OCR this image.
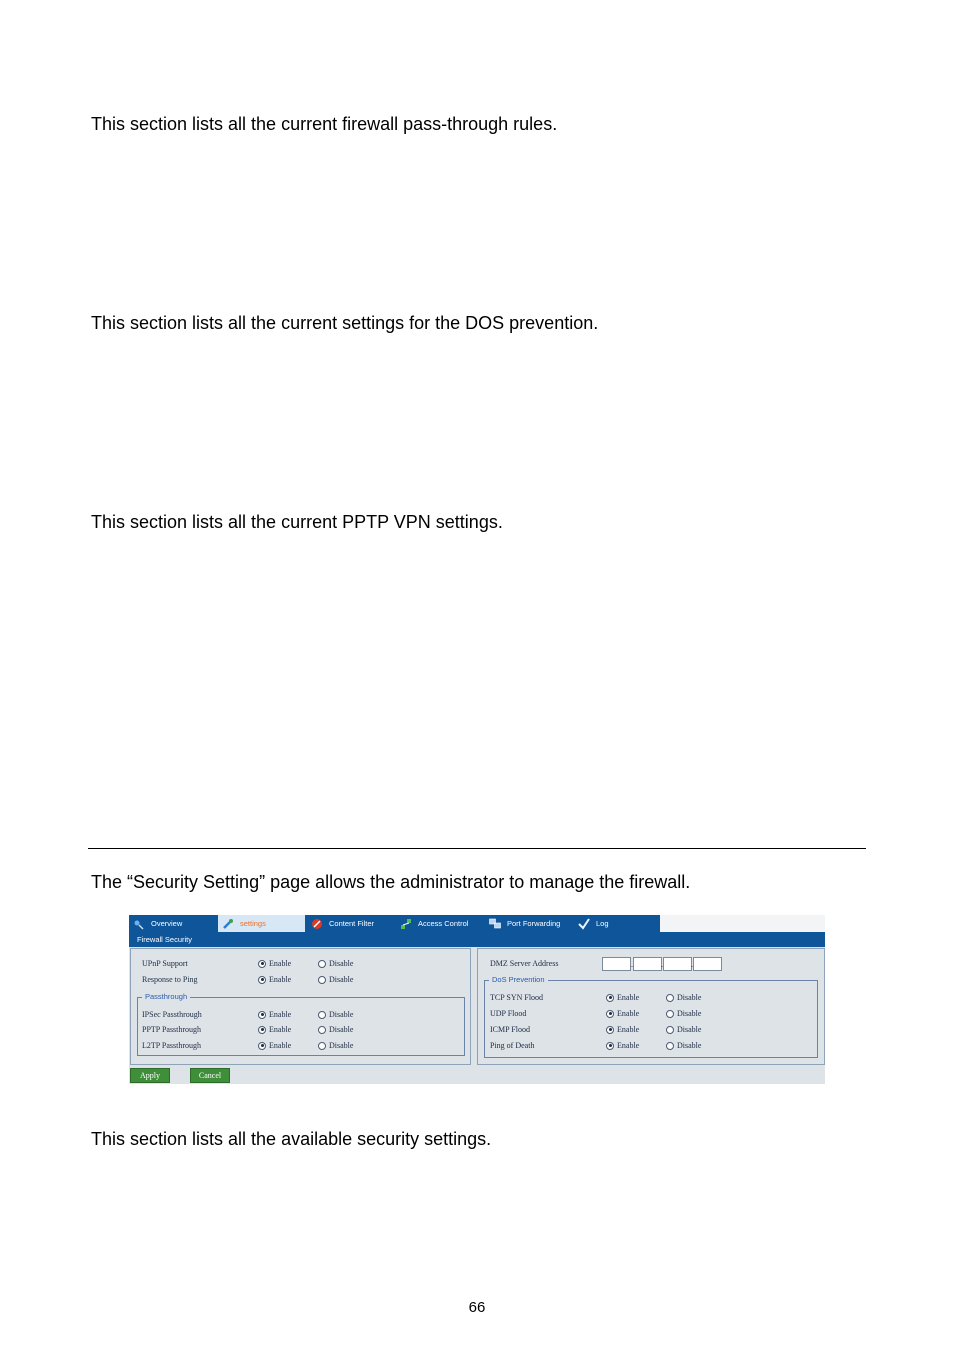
This section lists all the current firewall pass-through rules.
This section lists all the current settings for the DOS prevention.
This section lists all the current PPTP VPN settings.
The “Security Setting” page allows the administrator to manage the firewall.
Overview	settings	Content Filter	Access Control	Port Forwarding	Log
Firewall Security
UPnP Support	Enable	Disable
Response to Ping	Enable	Disable
Passthrough
IPSec Passthrough	Enable	Disable
PPTP Passthrough	Enable	Disable
L2TP Passthrough	Enable	Disable
DMZ Server Address	.	.	.
DoS Prevention
TCP SYN Flood	Enable	Disable
UDP Flood	Enable	Disable
ICMP Flood	Enable	Disable
Ping of Death	Enable	Disable
Apply	Cancel
This section lists all the available security settings.
66
